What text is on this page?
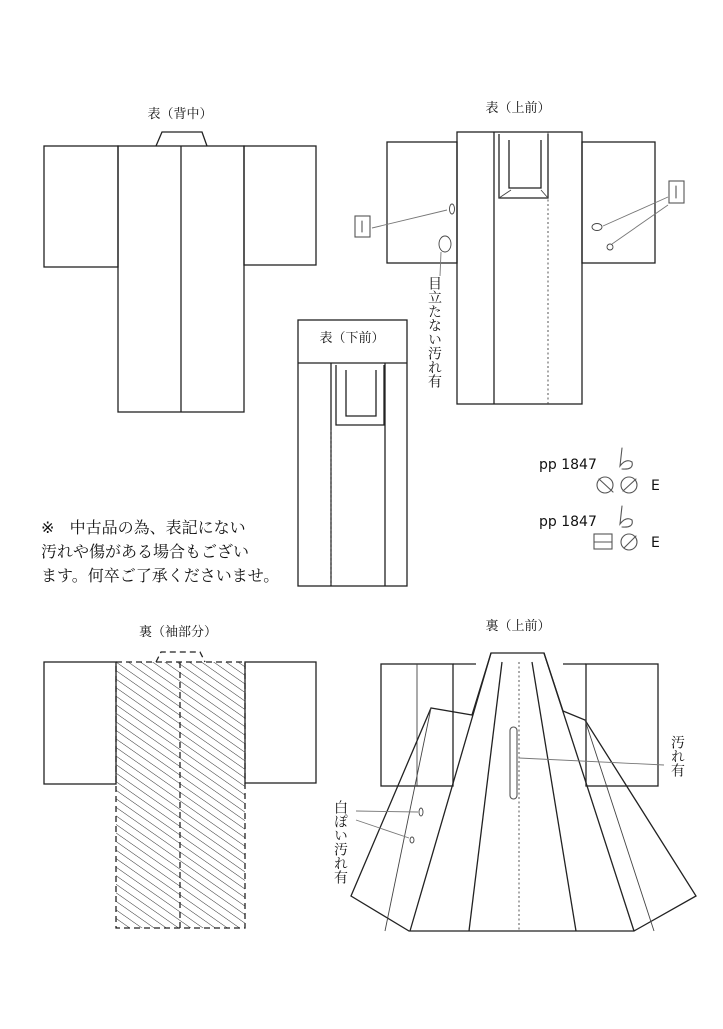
表（背中）	表（上前）
目立たない汚れ有
表（下前）
pp 1847
E
pp 1847
E
裏（袖部分）	裏（上前）
汚れ有
白ぽい汚れ有
※ 中古品の為、表記にない
汚れや傷がある場合もござい
ます。何卒ご了承くださいませ。
